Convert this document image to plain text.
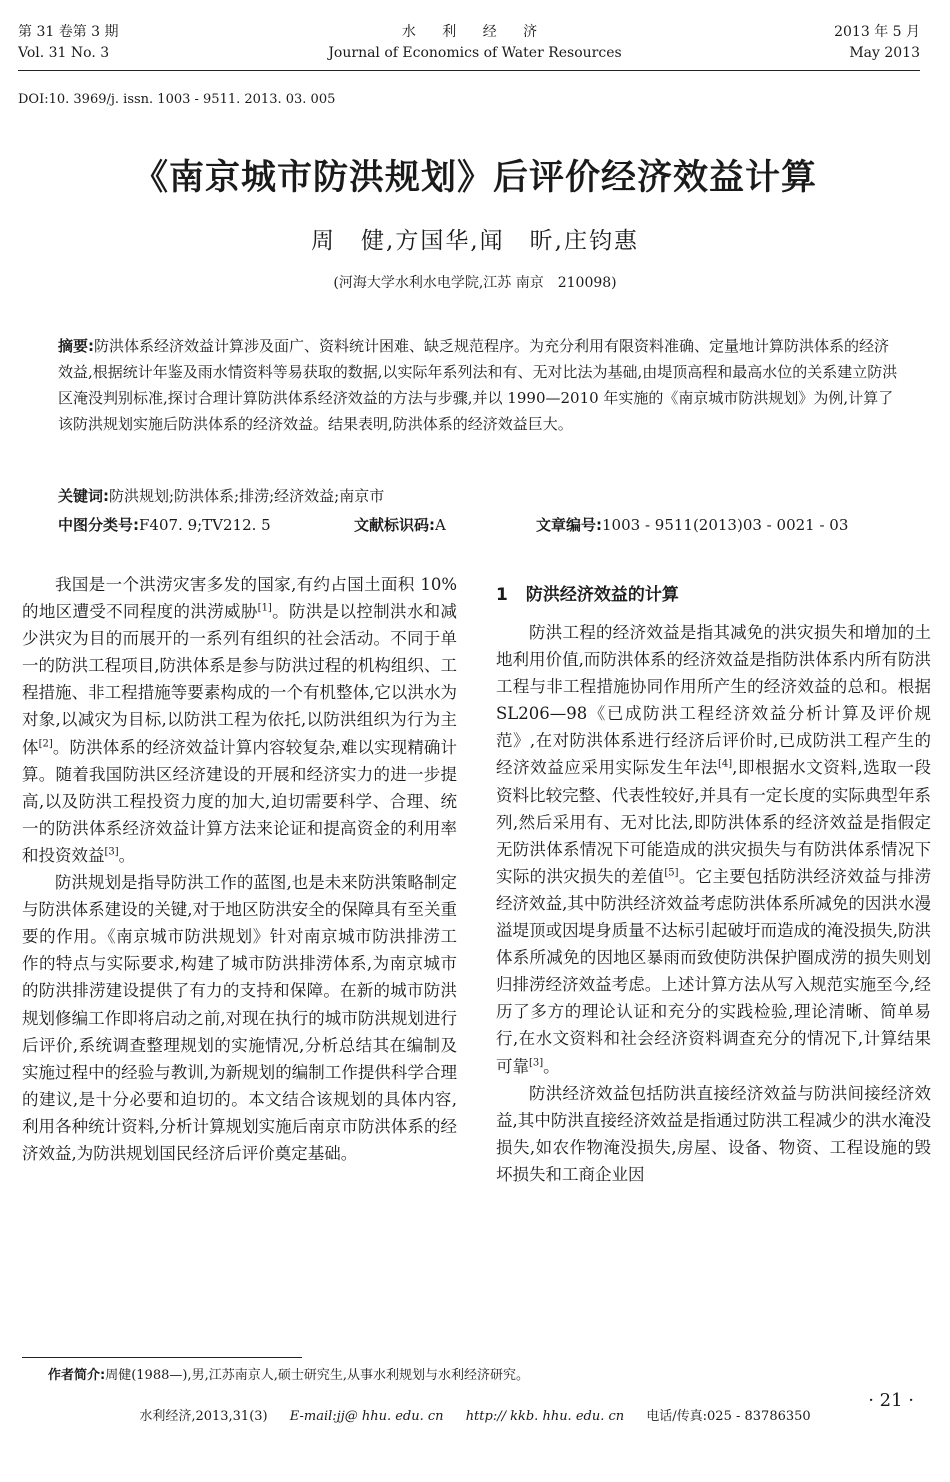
第 31 卷第 3 期
Vol. 31 No. 3
水 利 经 济
Journal of Economics of Water Resources
2013 年 5 月
May 2013
DOI:10. 3969/j. issn. 1003 - 9511. 2013. 03. 005
《南京城市防洪规划》后评价经济效益计算
周　健,方国华,闻　昕,庄钧惠
(河海大学水利水电学院,江苏 南京　210098)
摘要:防洪体系经济效益计算涉及面广、资料统计困难、缺乏规范程序。为充分利用有限资料准确、定量地计算防洪体系的经济效益,根据统计年鉴及雨水情资料等易获取的数据,以实际年系列法和有、无对比法为基础,由堤顶高程和最高水位的关系建立防洪区淹没判别标准,探讨合理计算防洪体系经济效益的方法与步骤,并以 1990—2010 年实施的《南京城市防洪规划》为例,计算了该防洪规划实施后防洪体系的经济效益。结果表明,防洪体系的经济效益巨大。
关键词:防洪规划;防洪体系;排涝;经济效益;南京市
中图分类号:F407. 9;TV212. 5	文献标识码:A	文章编号:1003 - 9511(2013)03 - 0021 - 03

我国是一个洪涝灾害多发的国家,有约占国土面积 10% 的地区遭受不同程度的洪涝威胁[1]。防洪是以控制洪水和减少洪灾为目的而展开的一系列有组织的社会活动。不同于单一的防洪工程项目,防洪体系是参与防洪过程的机构组织、工程措施、非工程措施等要素构成的一个有机整体,它以洪水为对象,以减灾为目标,以防洪工程为依托,以防洪组织为行为主体[2]。防洪体系的经济效益计算内容较复杂,难以实现精确计算。随着我国防洪区经济建设的开展和经济实力的进一步提高,以及防洪工程投资力度的加大,迫切需要科学、合理、统一的防洪体系经济效益计算方法来论证和提高资金的利用率和投资效益[3]。

防洪规划是指导防洪工作的蓝图,也是未来防洪策略制定与防洪体系建设的关键,对于地区防洪安全的保障具有至关重要的作用。《南京城市防洪规划》针对南京城市防洪排涝工作的特点与实际要求,构建了城市防洪排涝体系,为南京城市的防洪排涝建设提供了有力的支持和保障。在新的城市防洪规划修编工作即将启动之前,对现在执行的城市防洪规划进行后评价,系统调查整理规划的实施情况,分析总结其在编制及实施过程中的经验与教训,为新规划的编制工作提供科学合理的建议,是十分必要和迫切的。本文结合该规划的具体内容,利用各种统计资料,分析计算规划实施后南京市防洪体系的经济效益,为防洪规划国民经济后评价奠定基础。

1 防洪经济效益的计算

防洪工程的经济效益是指其减免的洪灾损失和增加的土地利用价值,而防洪体系的经济效益是指防洪体系内所有防洪工程与非工程措施协同作用所产生的经济效益的总和。根据 SL206—98《已成防洪工程经济效益分析计算及评价规范》,在对防洪体系进行经济后评价时,已成防洪工程产生的经济效益应采用实际发生年法[4],即根据水文资料,选取一段资料比较完整、代表性较好,并具有一定长度的实际典型年系列,然后采用有、无对比法,即防洪体系的经济效益是指假定无防洪体系情况下可能造成的洪灾损失与有防洪体系情况下实际的洪灾损失的差值[5]。它主要包括防洪经济效益与排涝经济效益,其中防洪经济效益考虑防洪体系所减免的因洪水漫溢堤顶或因堤身质量不达标引起破圩而造成的淹没损失,防洪体系所减免的因地区暴雨而致使防洪保护圈成涝的损失则划归排涝经济效益考虑。上述计算方法从写入规范实施至今,经历了多方的理论认证和充分的实践检验,理论清晰、简单易行,在水文资料和社会经济资料调查充分的情况下,计算结果可靠[3]。

防洪经济效益包括防洪直接经济效益与防洪间接经济效益,其中防洪直接经济效益是指通过防洪工程减少的洪水淹没损失,如农作物淹没损失,房屋、设备、物资、工程设施的毁坏损失和工商企业因

作者简介:周健(1988—),男,江苏南京人,硕士研究生,从事水利规划与水利经济研究。
· 21 ·
水利经济,2013,31(3) E-mail:jj@ hhu. edu. cn http:// kkb. hhu. edu. cn 电话/传真:025 - 83786350
